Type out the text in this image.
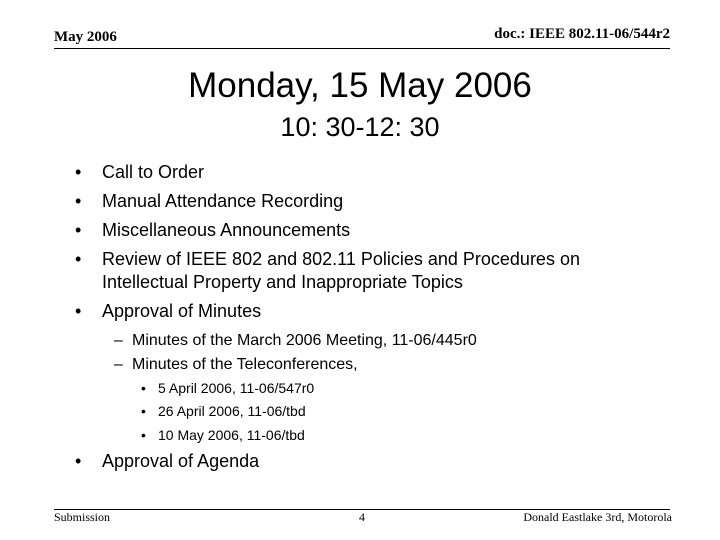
May 2006	doc.: IEEE 802.11-06/544r2
Monday, 15 May 2006
10: 30-12: 30
• Call to Order
• Manual Attendance Recording
• Miscellaneous Announcements
• Review of IEEE 802 and 802.11 Policies and Procedures on
Intellectual Property and Inappropriate Topics
• Approval of Minutes
– Minutes of the March 2006 Meeting, 11-06/445r0
– Minutes of the Teleconferences,
• 5 April 2006, 11-06/547r0
• 26 April 2006, 11-06/tbd
• 10 May 2006, 11-06/tbd
• Approval of Agenda
Submission	4	Donald Eastlake 3rd, Motorola
